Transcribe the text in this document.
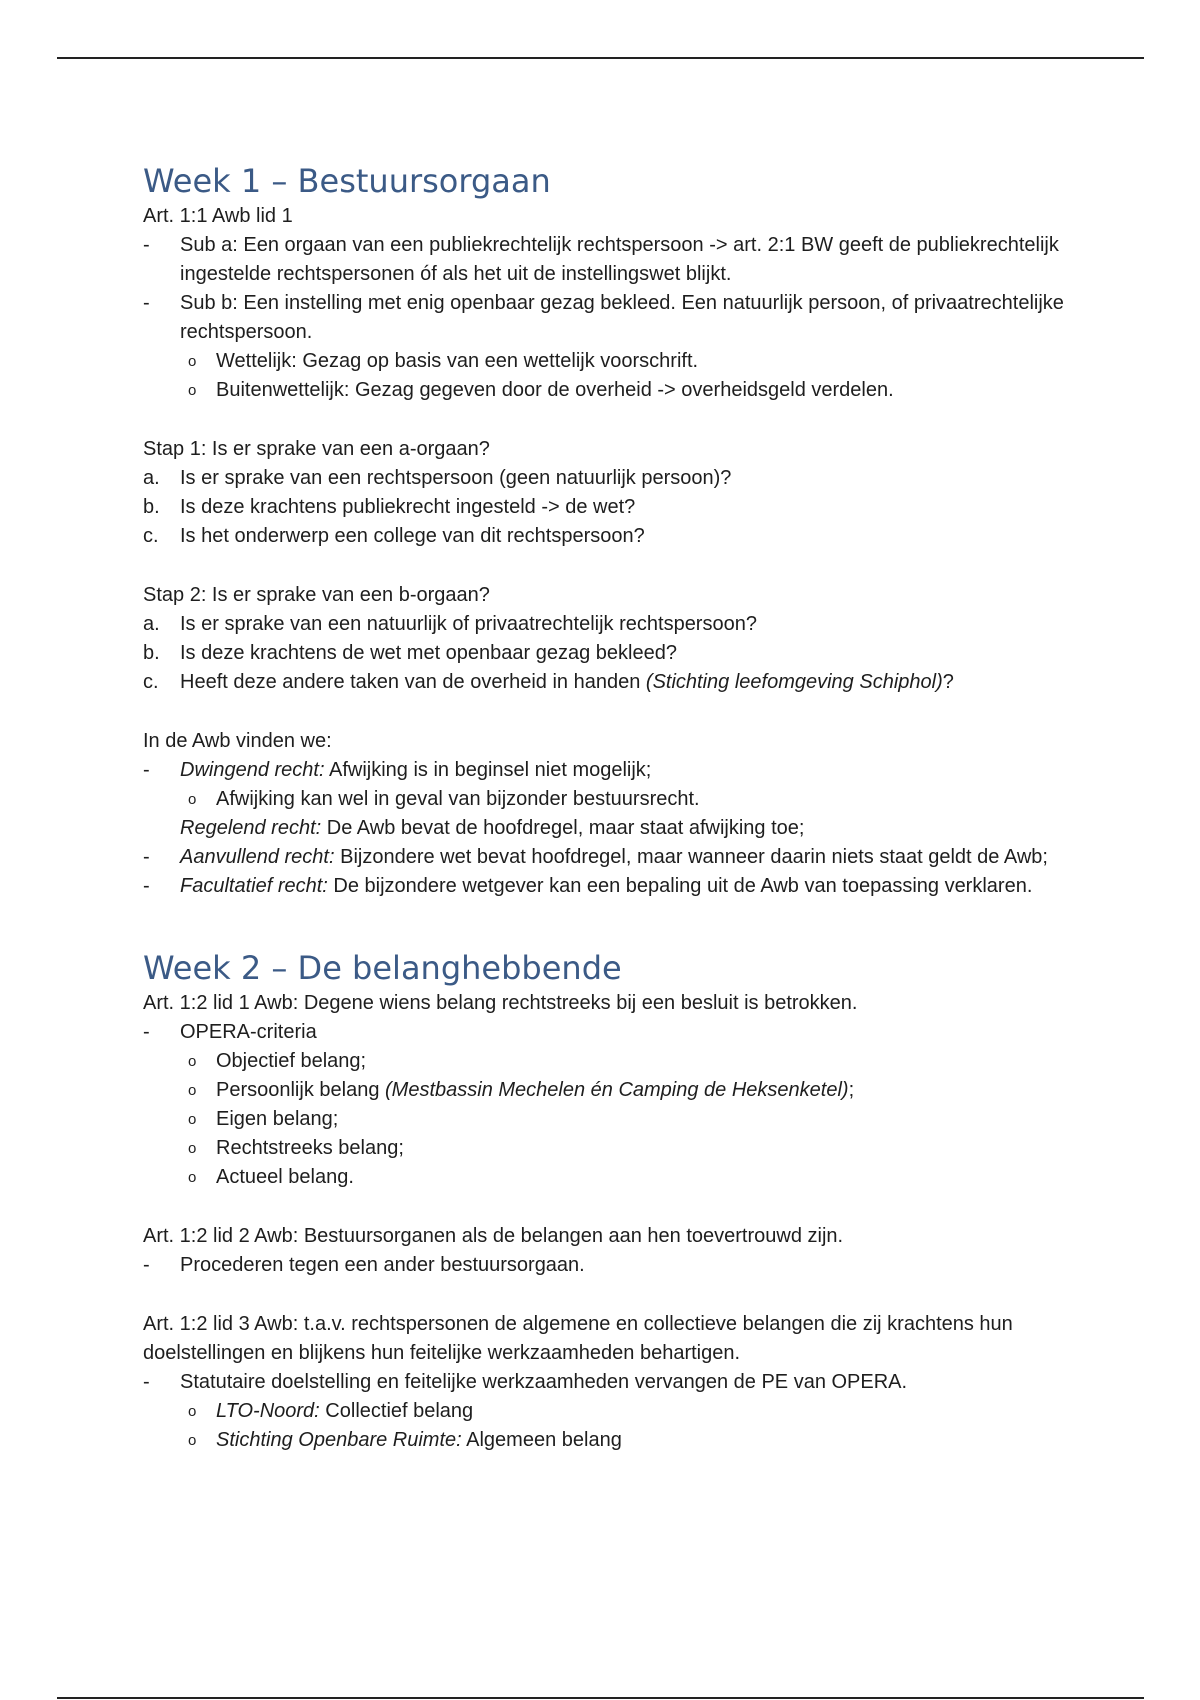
Week 1 – Bestuursorgaan

Art. 1:1 Awb lid 1

-	Sub a: Een orgaan van een publiekrechtelijk rechtspersoon -> art. 2:1 BW geeft de publiekrechtelijk ingestelde rechtspersonen óf als het uit de instellingswet blijkt.
-	Sub b: Een instelling met enig openbaar gezag bekleed. Een natuurlijk persoon, of privaatrechtelijke rechtspersoon.
o Wettelijk: Gezag op basis van een wettelijk voorschrift.
o Buitenwettelijk: Gezag gegeven door de overheid -> overheidsgeld verdelen.

Stap 1: Is er sprake van een a-orgaan?

a.	Is er sprake van een rechtspersoon (geen natuurlijk persoon)?
b.	Is deze krachtens publiekrecht ingesteld -> de wet?
c.	Is het onderwerp een college van dit rechtspersoon?

Stap 2: Is er sprake van een b-orgaan?

a.	Is er sprake van een natuurlijk of privaatrechtelijk rechtspersoon?
b.	Is deze krachtens de wet met openbaar gezag bekleed?
c.	Heeft deze andere taken van de overheid in handen (Stichting leefomgeving Schiphol)?

In de Awb vinden we:

-	Dwingend recht: Afwijking is in beginsel niet mogelijk;
o Afwijking kan wel in geval van bijzonder bestuursrecht.
Regelend recht: De Awb bevat de hoofdregel, maar staat afwijking toe;
-	Aanvullend recht: Bijzondere wet bevat hoofdregel, maar wanneer daarin niets staat geldt de Awb;
-	Facultatief recht: De bijzondere wetgever kan een bepaling uit de Awb van toepassing verklaren.
Week 2 – De belanghebbende

Art. 1:2 lid 1 Awb: Degene wiens belang rechtstreeks bij een besluit is betrokken.

-	OPERA-criteria
o Objectief belang;
o Persoonlijk belang (Mestbassin Mechelen én Camping de Heksenketel);
o Eigen belang;
o Rechtstreeks belang;
o Actueel belang.

Art. 1:2 lid 2 Awb: Bestuursorganen als de belangen aan hen toevertrouwd zijn.

-	Procederen tegen een ander bestuursorgaan.

Art. 1:2 lid 3 Awb: t.a.v. rechtspersonen de algemene en collectieve belangen die zij krachtens hun doelstellingen en blijkens hun feitelijke werkzaamheden behartigen.

-	Statutaire doelstelling en feitelijke werkzaamheden vervangen de PE van OPERA.
o LTO-Noord: Collectief belang
o Stichting Openbare Ruimte: Algemeen belang
